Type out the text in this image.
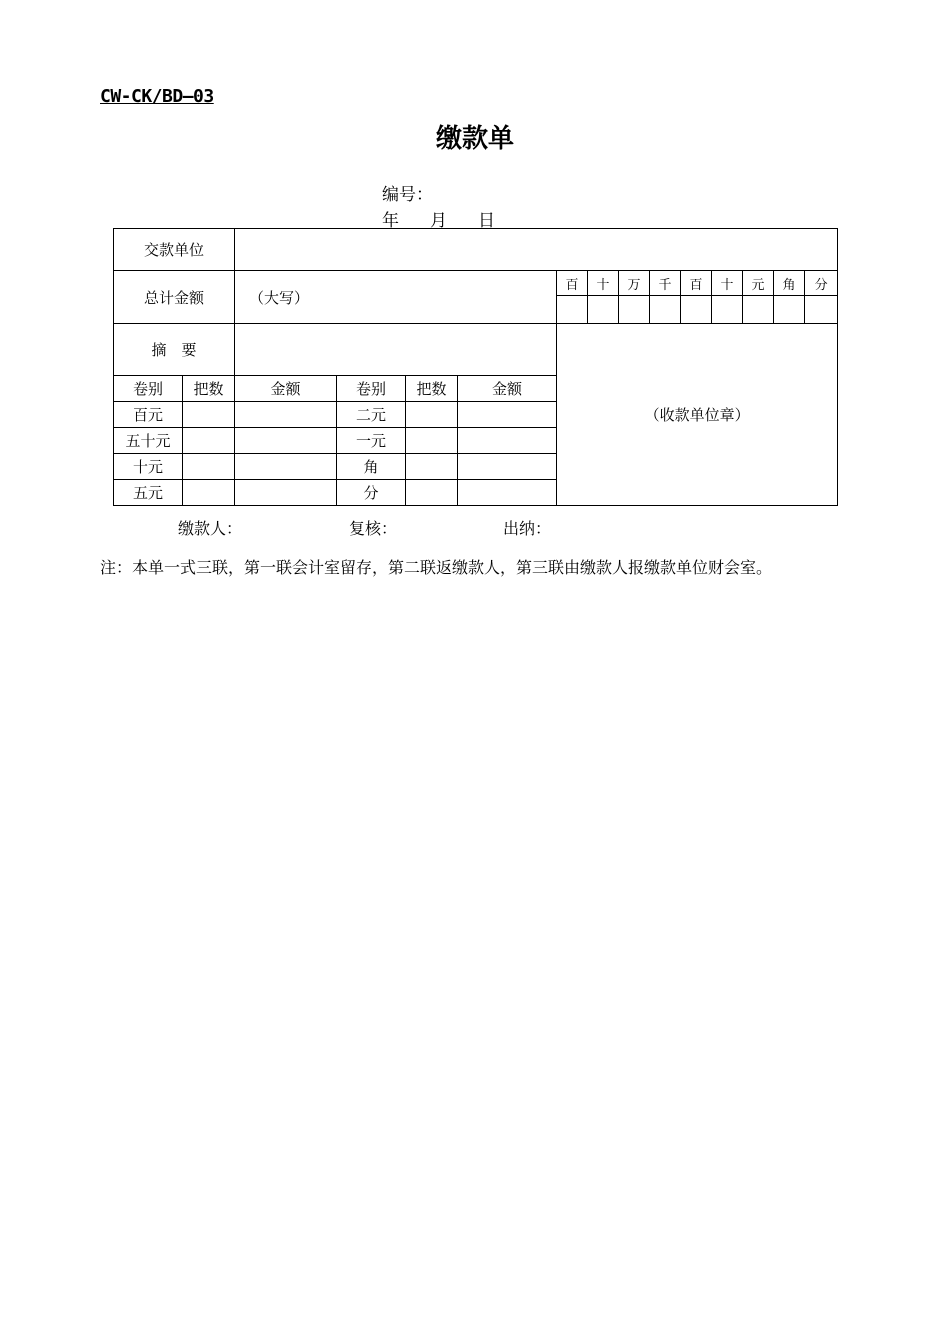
CW-CK/BD—03
缴款单
编号：
年	月	日
交款单位														
总计金额		（大写）				百	十	万	千	百	十	元	角	分

摘　要						（收款单位章）								
卷别	把数	金额	卷别	把数	金额									
百元			二元											
五十元			一元											
十元			角											
五元			分											
缴款人：	复核：	出纳：
注：本单一式三联，第一联会计室留存，第二联返缴款人，第三联由缴款人报缴款单位财会室。
